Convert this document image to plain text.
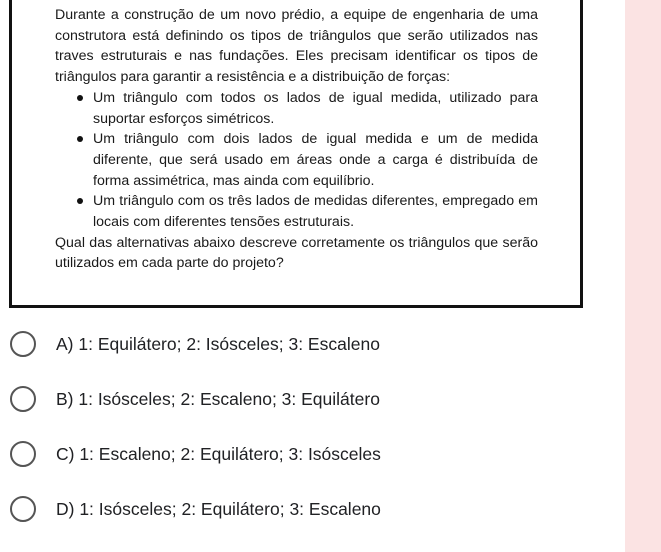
Durante a construção de um novo prédio, a equipe de engenharia de uma construtora está definindo os tipos de triângulos que serão utilizados nas traves estruturais e nas fundações. Eles precisam identificar os tipos de triângulos para garantir a resistência e a distribuição de forças:

Um triângulo com todos os lados de igual medida, utilizado para suportar esforços simétricos.
Um triângulo com dois lados de igual medida e um de medida diferente, que será usado em áreas onde a carga é distribuída de forma assimétrica, mas ainda com equilíbrio.
Um triângulo com os três lados de medidas diferentes, empregado em locais com diferentes tensões estruturais.

Qual das alternativas abaixo descreve corretamente os triângulos que serão utilizados em cada parte do projeto?

A) 1: Equilátero; 2: Isósceles; 3: Escaleno
B) 1: Isósceles; 2: Escaleno; 3: Equilátero
C) 1: Escaleno; 2: Equilátero; 3: Isósceles
D) 1: Isósceles; 2: Equilátero; 3: Escaleno
